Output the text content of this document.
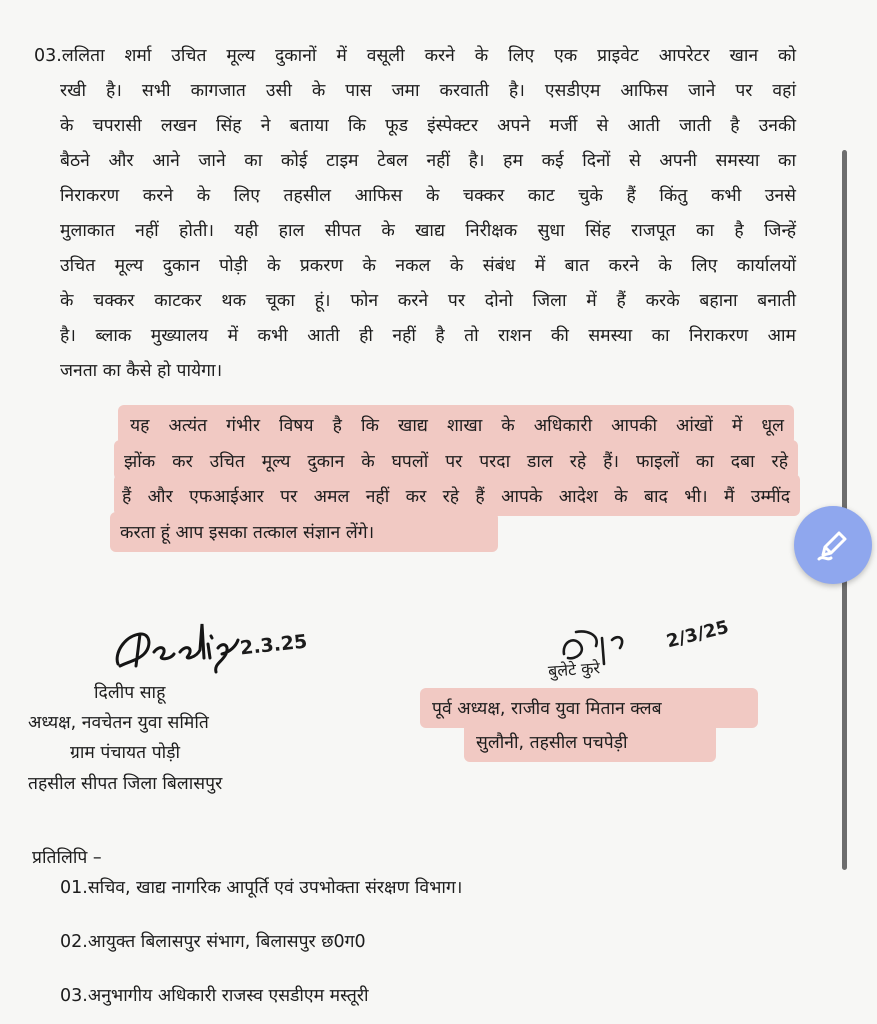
03.ललिता शर्मा उचित मूल्य दुकानों में वसूली करने के लिए एक प्राइवेट आपरेटर खान को
रखी है। सभी कागजात उसी के पास जमा करवाती है। एसडीएम आफिस जाने पर वहां
के चपरासी लखन सिंह ने बताया कि फूड इंस्पेक्टर अपने मर्जी से आती जाती है उनकी
बैठने और आने जाने का कोई टाइम टेबल नहीं है। हम कई दिनों से अपनी समस्या का
निराकरण करने के लिए तहसील आफिस के चक्कर काट चुके हैं किंतु कभी उनसे
मुलाकात नहीं होती। यही हाल सीपत के खाद्य निरीक्षक सुधा सिंह राजपूत का है जिन्हें
उचित मूल्य दुकान पोड़ी के प्रकरण के नकल के संबंध में बात करने के लिए कार्यालयों
के चक्कर काटकर थक चूका हूं। फोन करने पर दोनो जिला में हैं करके बहाना बनाती
है। ब्लाक मुख्यालय में कभी आती ही नहीं है तो राशन की समस्या का निराकरण आम
जनता का कैसे हो पायेगा।
यह अत्यंत गंभीर विषय है कि खाद्य शाखा के अधिकारी आपकी आंखों में धूल
झोंक कर उचित मूल्य दुकान के घपलों पर परदा डाल रहे हैं। फाइलों का दबा रहे
हैं और एफआईआर पर अमल नहीं कर रहे हैं आपके आदेश के बाद भी। मैं उम्मींद
करता हूं आप इसका तत्काल संज्ञान लेंगे।
2.3.25
दिलीप साहू
अध्यक्ष, नवचेतन युवा समिति
ग्राम पंचायत पोड़ी
तहसील सीपत जिला बिलासपुर
बुलेटे कुरे
2/3/25
पूर्व अध्यक्ष, राजीव युवा मितान क्लब
सुलौनी, तहसील पचपेड़ी
प्रतिलिपि –
01.सचिव, खाद्य नागरिक आपूर्ति एवं उपभोक्ता संरक्षण विभाग।
02.आयुक्त बिलासपुर संभाग, बिलासपुर छ0ग0
03.अनुभागीय अधिकारी राजस्व एसडीएम मस्तूरी
